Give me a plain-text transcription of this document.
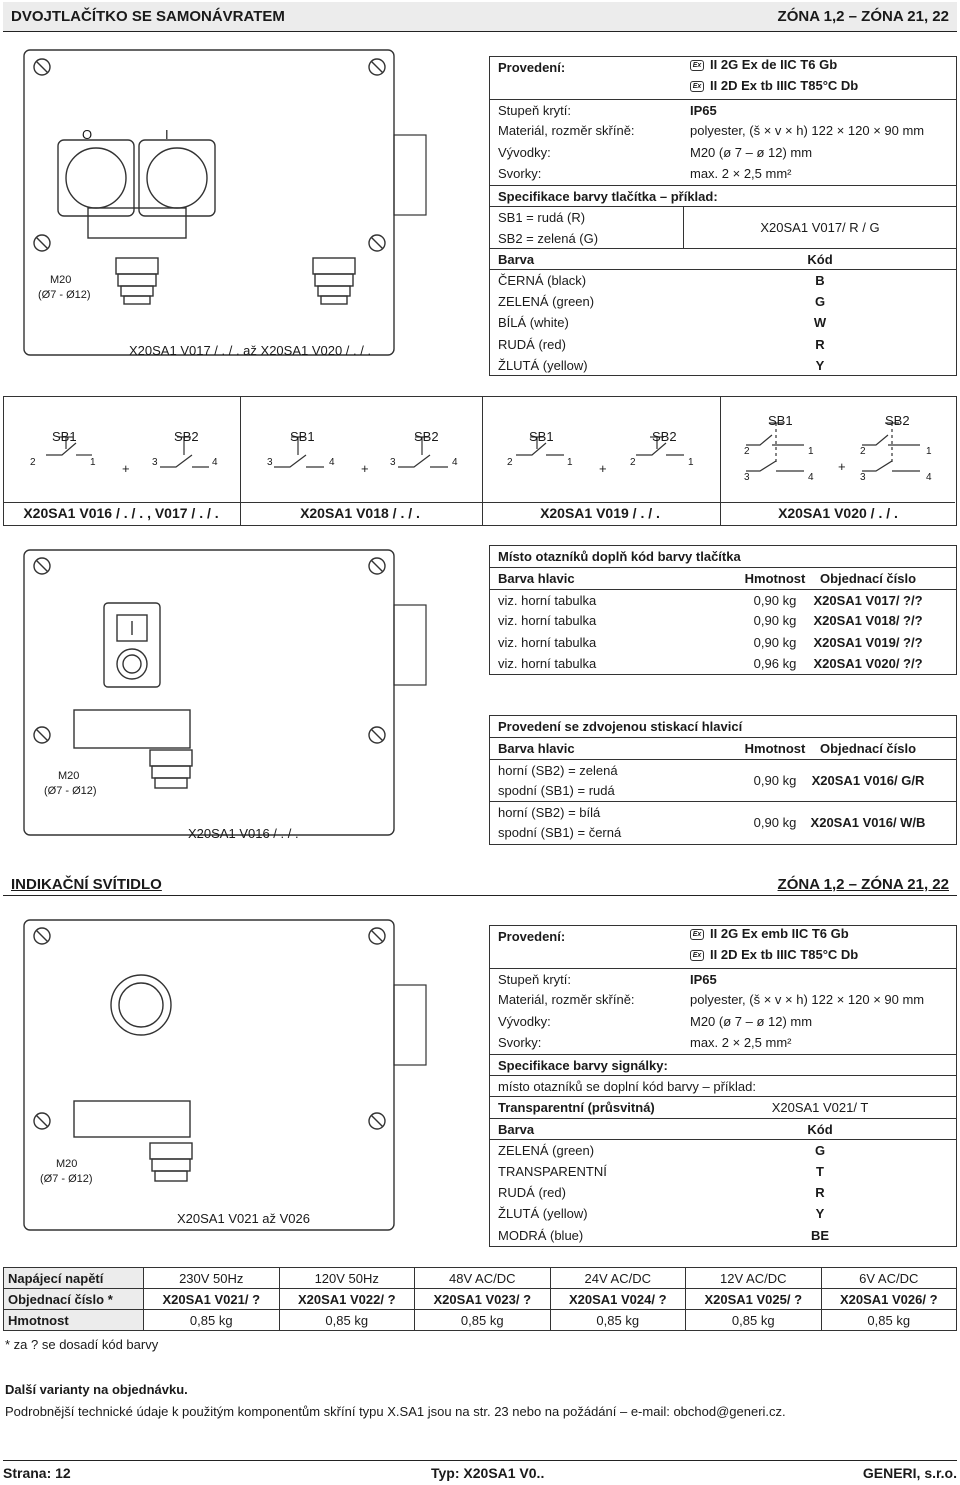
DVOJTLAČÍTKO SE SAMONÁVRATEM	ZÓNA 1,2 – ZÓNA 21, 22
O	I
M20
(Ø7 - Ø12)
X20SA1 V017 / . / . až X20SA1 V020 / . / .
Provedení:	Ex II 2G Ex de IIC T6 Gb
Ex II 2D Ex tb IIIC T85°C Db
Stupeň krytí:	IP65
Materiál, rozměr skříně:	polyester, (š × v × h) 122 × 120 × 90 mm
Vývodky:	M20 (ø 7 – ø 12) mm
Svorky:	max. 2 × 2,5 mm²
Specifikace barvy tlačítka – příklad:
SB1 = rudá (R)
SB2 = zelená (G)
X20SA1 V017/ R / G
Barva	Kód
ČERNÁ (black)	B
ZELENÁ (green)	G
BÍLÁ (white)	W
RUDÁ (red)	R
ŽLUTÁ (yellow)	Y
SB1	SB2
2	1 + 3	4
SB1	SB2
3	4 + 3	4
SB1	SB2
2	1 + 2	1
SB1	SB2
2	1
3	4
+
2	1
3	4
X20SA1 V016 / . / . , V017 / . / .	X20SA1 V018 / . / .	X20SA1 V019 / . / .	X20SA1 V020 / . / .
M20
(Ø7 - Ø12)
X20SA1 V016 / . / .
Místo otazníků doplň kód barvy tlačítka
Barva hlavic	Hmotnost	Objednací číslo
viz. horní tabulka	0,90 kg	X20SA1 V017/ ?/?
viz. horní tabulka	0,90 kg	X20SA1 V018/ ?/?
viz. horní tabulka	0,90 kg	X20SA1 V019/ ?/?
viz. horní tabulka	0,96 kg	X20SA1 V020/ ?/?
Provedení se zdvojenou stiskací hlavicí
Barva hlavic	Hmotnost	Objednací číslo
horní (SB2) = zelená
spodní (SB1) = rudá
0,90 kg	X20SA1 V016/ G/R
horní (SB2) = bílá
spodní (SB1) = černá
0,90 kg	X20SA1 V016/ W/B
INDIKAČNÍ SVÍTIDLO	ZÓNA 1,2 – ZÓNA 21, 22
M20
(Ø7 - Ø12)
X20SA1 V021 až V026
Provedení:	Ex II 2G Ex emb IIC T6 Gb
Ex II 2D Ex tb IIIC T85°C Db
Stupeň krytí:	IP65
Materiál, rozměr skříně:	polyester, (š × v × h) 122 × 120 × 90 mm
Vývodky:	M20 (ø 7 – ø 12) mm
Svorky:	max. 2 × 2,5 mm²
Specifikace barvy signálky:
místo otazníků se doplní kód barvy – příklad:
Transparentní (průsvitná)	X20SA1 V021/ T
Barva	Kód
ZELENÁ (green)	G
TRANSPARENTNÍ	T
RUDÁ (red)	R
ŽLUTÁ (yellow)	Y
MODRÁ (blue)	BE
Napájecí napětí	230V 50Hz	120V 50Hz	48V AC/DC	24V AC/DC	12V AC/DC	6V AC/DC
Objednací číslo *	X20SA1 V021/ ?	X20SA1 V022/ ?	X20SA1 V023/ ?	X20SA1 V024/ ?	X20SA1 V025/ ?	X20SA1 V026/ ?
Hmotnost	0,85 kg	0,85 kg	0,85 kg	0,85 kg	0,85 kg	0,85 kg
* za ? se dosadí kód barvy
Další varianty na objednávku.
Podrobnější technické údaje k použitým komponentům skříní typu X.SA1 jsou na str. 23 nebo na požádání – e-mail: obchod@generi.cz.
Strana: 12	Typ: X20SA1 V0..	GENERI, s.r.o.
